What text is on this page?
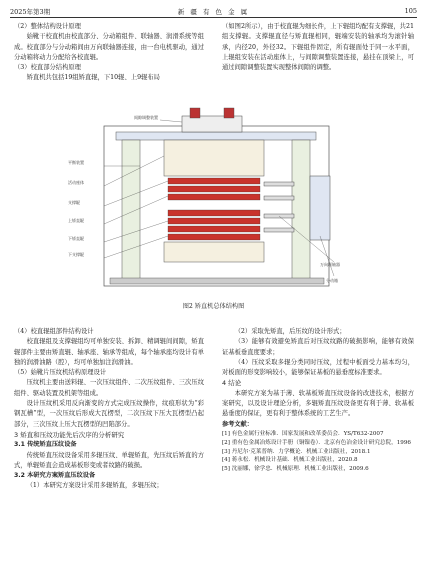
2025年第3期	新 疆 有 色 金 属	105

（2）整体结构设计原理

始靴干校直机由校直部分、分动箱组件、联轴器、润滑系统等组成。校直部分与分动箱间由万向联轴器连接，由一台电机驱动，通过分动箱将动力分配给各校直辊。

（3）校直部分结构原理

矫直机共包括19组矫直辊，下10辊、上9辊布局

（如图2所示），由于校直辊为细长件，上下辊组均配有支撑辊，共21组支撑辊。支撑辊直径与矫直辊相同，辊端安装的轴承均为滚针轴承，内径20，外径32。下辊组件固定，所有辊面处于同一水平面，上辊组安装在活动座体上，与间隙调整装置连接，悬挂在顶梁上，可通过间隙调整装置实现整体间隙的调整。

间隙调整装置
平衡装置
活动座体
支撑辊
上矫直辊
下矫直辊
下支撑辊
万向联轴器
分动箱
图2 矫直机总体结构图

（4）校直辊组部件结构设计

校直辊组及支撑辊组均可单独安装、拆卸、精调辊间间隙，矫直辊部件主要由矫直辊、轴承座、轴承等组成，每个轴承座均设计有单独的润滑油路（腔），均可单独加注润滑油。

（5）始靴片压纹机结构原理设计

压纹机主要由送料辊、一次压纹组件、二次压纹组件、三次压纹组件、驱动装置及机架等组成。

设计压纹机采用反向渐变的方式完成压纹操作，纹痕形状为“彩钢瓦槽”型，一次压纹后形成大瓦楞型，二次压纹下压大瓦楞型凸起部分，三次压纹上压大瓦楞型的凹陷部分。

3 矫直和压纹功能先后次序的分析研究

3.1 传统矫直压纹设备

传统矫直压纹设备采用多辊压纹、单辊矫直，先压纹后矫直的方式，单辊矫直会造成基板形变或者纹路的破损。

3.2 本研究方案矫直压纹设备

（1）本研究方案设计采用多辊矫直，多辊压纹；

（2）采取先矫直，后压纹的设计形式；

（3）能够有效避免矫直后对压纹纹路的破损影响，能够有效保证基板垂直度要求；

（4）压纹采取多辊分类同时压纹，过程中板面受力基本均匀，对板面的形变影响较小，能够保证基板的悬垂度标准要求。

4 结论

本研究方案为基于薄、软基板矫直压纹设备的改进技术，根据方案研究，以及设计理论分析，多辊矫直压纹设备更有利于薄、软基板悬垂度的保证，更有利于整体系统的工艺生产。

参考文献：

[1] 有色金属行业标准．国家发展和改革委员会．YS/T632-2007

[2] 重有色金属冶炼设计手册（铜镍卷）．北京有色冶金设计研究总院，1996

[3] 丹尼尔·克莱普纳．力学概论．机械工业出版社，2018.1

[4] 蒋永松．机械设计基础．机械工业出版社，2020.8

[5] 沈丽娜，徐学忠．机械原理．机械工业出版社，2009.6
